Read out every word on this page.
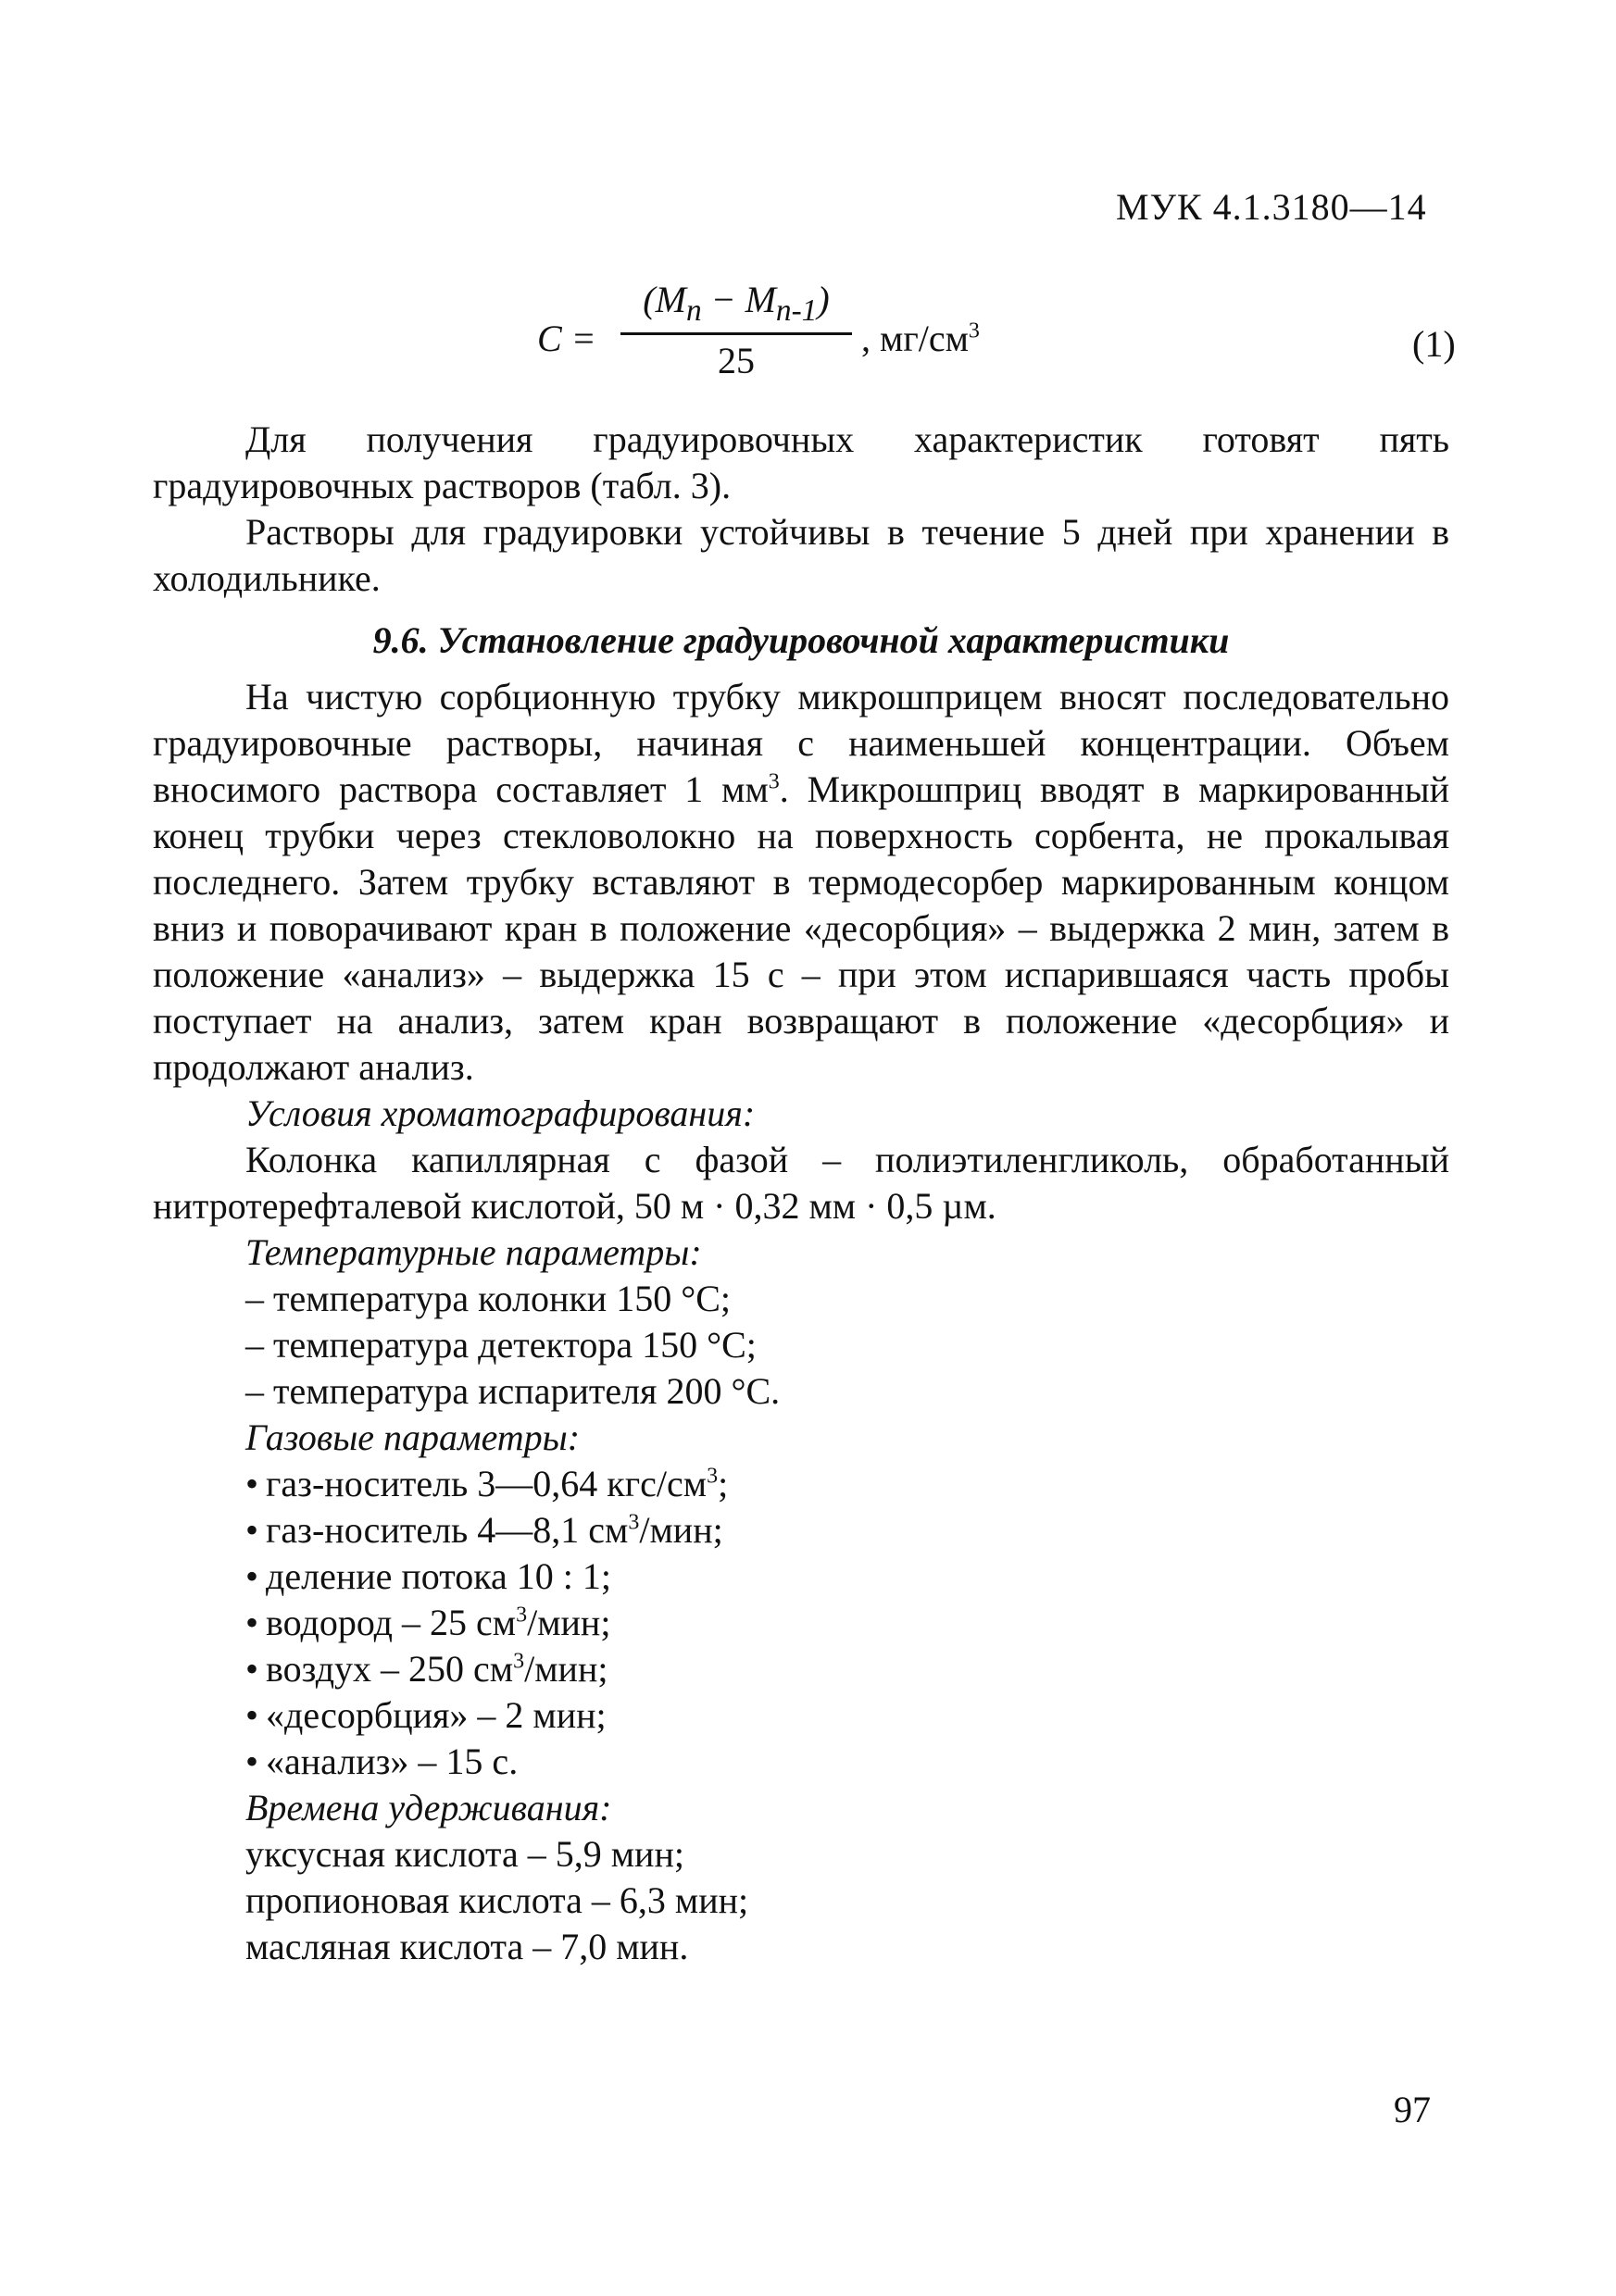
МУК 4.1.3180—14
C =
$(M_n - M_{n-1})$
25
, $мг/см^3$	(1)

Для получения градуировочных характеристик готовят пять градуировочных растворов (табл. 3).

Растворы для градуировки устойчивы в течение 5 дней при хранении в холодильнике.

9.6. Установление градуировочной характеристики

На чистую сорбционную трубку микрошприцем вносят последовательно градуировочные растворы, начиная с наименьшей концентрации. Объем вносимого раствора составляет 1 $мм^3$. Микрошприц вводят в маркированный конец трубки через стекловолокно на поверхность сорбента, не прокалывая последнего. Затем трубку вставляют в термодесорбер маркированным концом вниз и поворачивают кран в положение «десорбция» – выдержка 2 мин, затем в положение «анализ» – выдержка 15 с – при этом испарившаяся часть пробы поступает на анализ, затем кран возвращают в положение «десорбция» и продолжают анализ.

Условия хроматографирования:

Колонка капиллярная с фазой – полиэтиленгликоль, обработанный нитротерефталевой кислотой, 50 м · 0,32 мм · 0,5 µм.

Температурные параметры:
– температура колонки 150 °С;
– температура детектора 150 °С;
– температура испарителя 200 °С.
Газовые параметры:
• газ-носитель 3—0,64 кгс/$см^3$;
• газ-носитель 4—8,1 $см^3$/мин;
• деление потока 10 : 1;
• водород – 25 $см^3$/мин;
• воздух – 250 $см^3$/мин;
• «десорбция» – 2 мин;
• «анализ» – 15 с.
Времена удерживания:
уксусная кислота – 5,9 мин;
пропионовая кислота – 6,3 мин;
масляная кислота – 7,0 мин.
97
